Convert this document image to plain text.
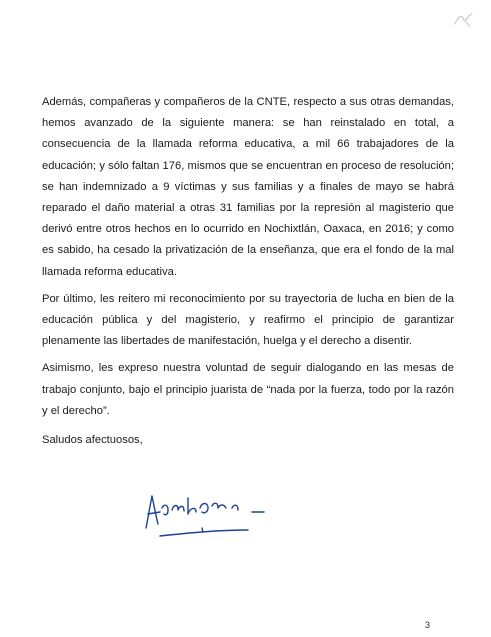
Además, compañeras y compañeros de la CNTE, respecto a sus otras demandas, hemos avanzado de la siguiente manera: se han reinstalado en total, a consecuencia de la llamada reforma educativa, a mil 66 trabajadores de la educación; y sólo faltan 176, mismos que se encuentran en proceso de resolución; se han indemnizado a 9 víctimas y sus familias y a finales de mayo se habrá reparado el daño material a otras 31 familias por la represión al magisterio que derivó entre otros hechos en lo ocurrido en Nochixtlán, Oaxaca, en 2016; y como es sabido, ha cesado la privatización de la enseñanza, que era el fondo de la mal llamada reforma educativa.

Por último, les reitero mi reconocimiento por su trayectoria de lucha en bien de la educación pública y del magisterio, y reafirmo el principio de garantizar plenamente las libertades de manifestación, huelga y el derecho a disentir.

Asimismo, les expreso nuestra voluntad de seguir dialogando en las mesas de trabajo conjunto, bajo el principio juarista de “nada por la fuerza, todo por la razón y el derecho”.

Saludos afectuosos,

3
